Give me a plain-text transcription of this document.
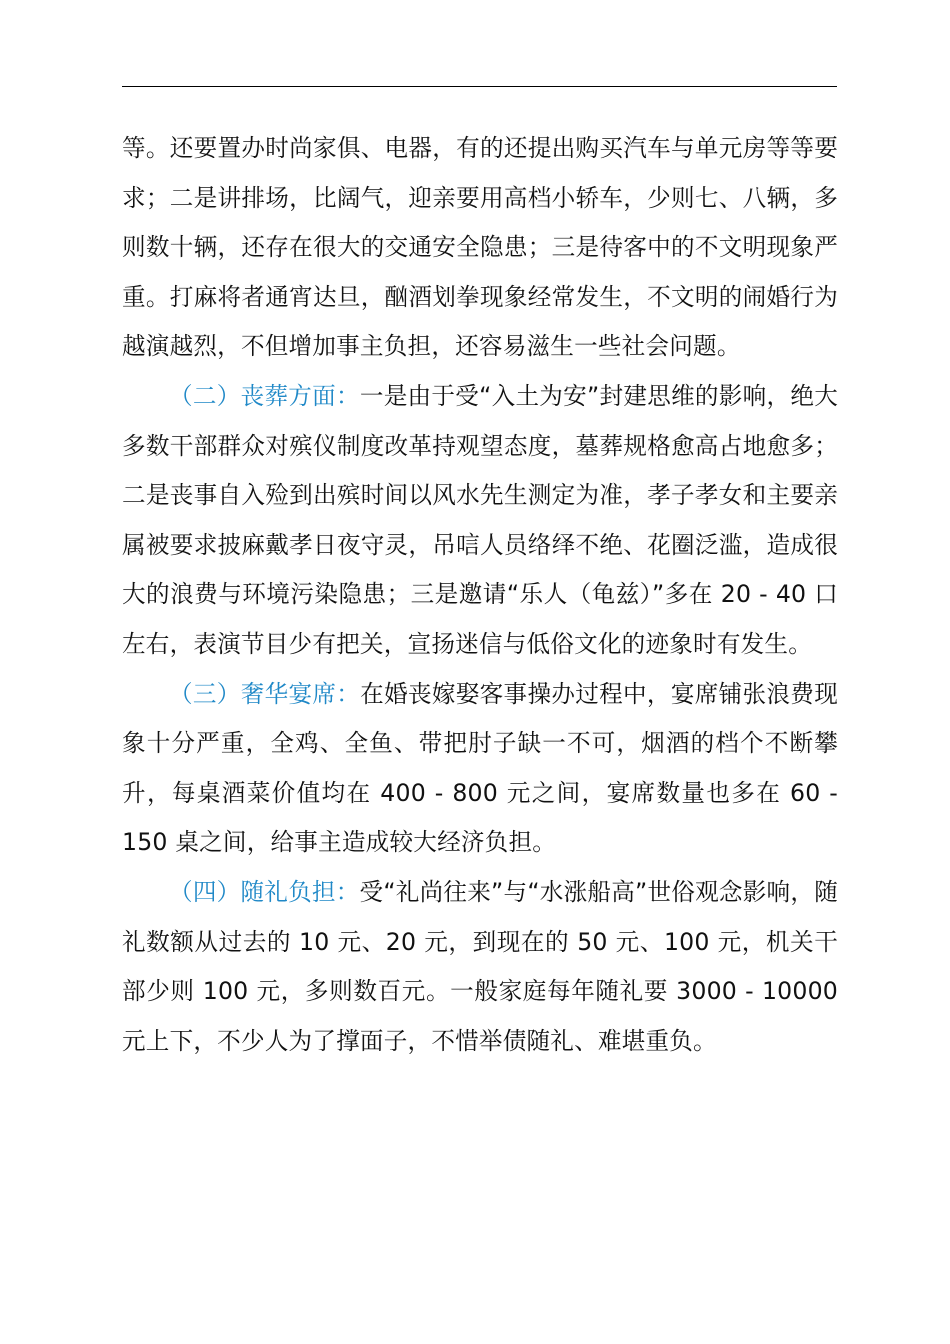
等。还要置办时尚家俱、电器，有的还提出购买汽车与单元房等等要求；二是讲排场，比阔气，迎亲要用高档小轿车，少则七、八辆，多则数十辆，还存在很大的交通安全隐患；三是待客中的不文明现象严重。打麻将者通宵达旦，酗酒划拳现象经常发生，不文明的闹婚行为越演越烈，不但增加事主负担，还容易滋生一些社会问题。

（二）丧葬方面：一是由于受“入土为安”封建思维的影响，绝大多数干部群众对殡仪制度改革持观望态度，墓葬规格愈高占地愈多；二是丧事自入殓到出殡时间以风水先生测定为准，孝子孝女和主要亲属被要求披麻戴孝日夜守灵，吊唁人员络绎不绝、花圈泛滥，造成很大的浪费与环境污染隐患；三是邀请“乐人（龟兹）”多在 20 - 40 口左右，表演节目少有把关，宣扬迷信与低俗文化的迹象时有发生。

（三）奢华宴席：在婚丧嫁娶客事操办过程中，宴席铺张浪费现象十分严重，全鸡、全鱼、带把肘子缺一不可，烟酒的档个不断攀升，每桌酒菜价值均在 400 - 800 元之间，宴席数量也多在 60 - 150 桌之间，给事主造成较大经济负担。

（四）随礼负担：受“礼尚往来”与“水涨船高”世俗观念影响，随礼数额从过去的 10 元、20 元，到现在的 50 元、100 元，机关干部少则 100 元，多则数百元。一般家庭每年随礼要 3000 - 10000 元上下，不少人为了撑面子，不惜举债随礼、难堪重负。
